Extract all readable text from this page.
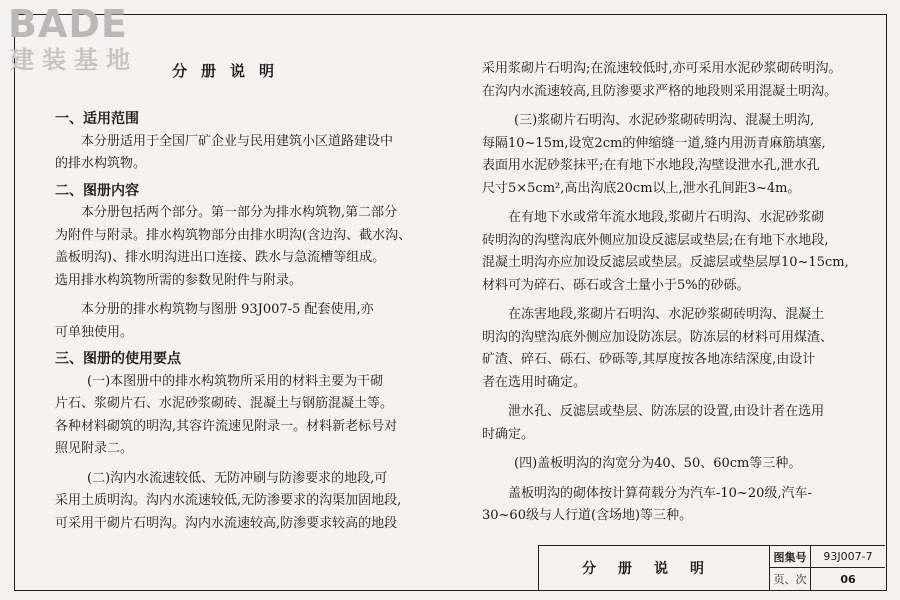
BADE
建装基地 分册说明

一、适用范围

本分册适用于全国厂矿企业与民用建筑小区道路建设中

的排水构筑物。

二、图册内容

本分册包括两个部分。第一部分为排水构筑物,第二部分

为附件与附录。排水构筑物部分由排水明沟(含边沟、截水沟、

盖板明沟)、排水明沟进出口连接、跌水与急流槽等组成。

选用排水构筑物所需的参数见附件与附录。

本分册的排水构筑物与图册 93J007-5 配套使用,亦

可单独使用。

三、图册的使用要点

(一)本图册中的排水构筑物所采用的材料主要为干砌

片石、浆砌片石、水泥砂浆砌砖、混凝土与钢筋混凝土等。

各种材料砌筑的明沟,其容许流速见附录一。材料新老标号对

照见附录二。

(二)沟内水流速较低、无防冲刷与防渗要求的地段,可

采用土质明沟。沟内水流速较低,无防渗要求的沟渠加固地段,

可采用干砌片石明沟。沟内水流速较高,防渗要求较高的地段

采用浆砌片石明沟;在流速较低时,亦可采用水泥砂浆砌砖明沟。

在沟内水流速较高,且防渗要求严格的地段则采用混凝土明沟。

(三)浆砌片石明沟、水泥砂浆砌砖明沟、混凝土明沟,

每隔10~15m,设宽2cm的伸缩缝一道,缝内用沥青麻筋填塞,

表面用水泥砂浆抹平;在有地下水地段,沟壁设泄水孔,泄水孔

尺寸5×5cm²,高出沟底20cm以上,泄水孔间距3~4m。

在有地下水或常年流水地段,浆砌片石明沟、水泥砂浆砌

砖明沟的沟壁沟底外侧应加设反滤层或垫层;在有地下水地段,

混凝土明沟亦应加设反滤层或垫层。反滤层或垫层厚10~15cm,

材料可为碎石、砾石或含土量小于5%的砂砾。

在冻害地段,浆砌片石明沟、水泥砂浆砌砖明沟、混凝土

明沟的沟壁沟底外侧应加设防冻层。防冻层的材料可用煤渣、

矿渣、碎石、砾石、砂砾等,其厚度按各地冻结深度,由设计

者在选用时确定。

泄水孔、反滤层或垫层、防冻层的设置,由设计者在选用

时确定。

(四)盖板明沟的沟宽分为40、50、60cm等三种。

盖板明沟的砌体按计算荷载分为汽车-10~20级,汽车-

30~60级与人行道(含场地)等三种。

分册说明
图集号	93J007-7
页、次	06
